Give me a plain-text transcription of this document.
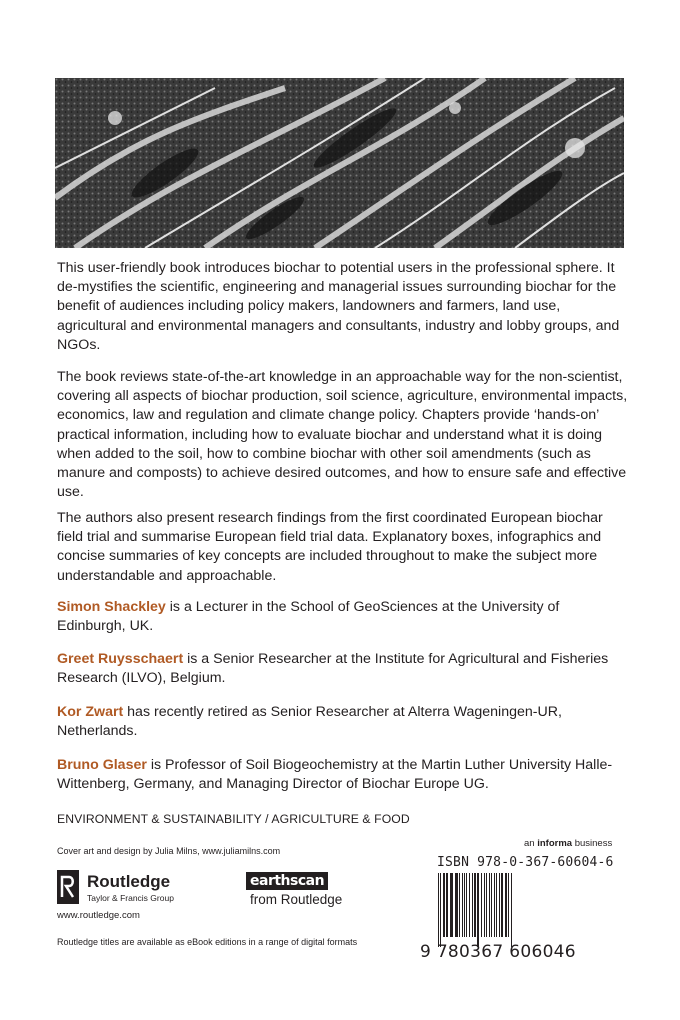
This user-friendly book introduces biochar to potential users in the professional sphere. It de-mystifies the scientific, engineering and managerial issues surrounding biochar for the benefit of audiences including policy makers, landowners and farmers, land use, agricultural and environmental managers and consultants, industry and lobby groups, and NGOs.

The book reviews state-of-the-art knowledge in an approachable way for the non-scientist, covering all aspects of biochar production, soil science, agriculture, environmental impacts, economics, law and regulation and climate change policy. Chapters provide ‘hands-on’ practical information, including how to evaluate biochar and understand what it is doing when added to the soil, how to combine biochar with other soil amendments (such as manure and composts) to achieve desired outcomes, and how to ensure safe and effective use.

The authors also present research findings from the first coordinated European biochar field trial and summarise European field trial data. Explanatory boxes, infographics and concise summaries of key concepts are included throughout to make the subject more understandable and approachable.

Simon Shackley is a Lecturer in the School of GeoSciences at the University of Edinburgh, UK.

Greet Ruysschaert is a Senior Researcher at the Institute for Agricultural and Fisheries Research (ILVO), Belgium.

Kor Zwart has recently retired as Senior Researcher at Alterra Wageningen-UR, Netherlands.

Bruno Glaser is Professor of Soil Biogeochemistry at the Martin Luther University Halle-Wittenberg, Germany, and Managing Director of Biochar Europe UG.

ENVIRONMENT & SUSTAINABILITY / AGRICULTURE & FOOD

Cover art and design by Julia Milns, www.juliamilns.com

an informa business

Routledge
Taylor & Francis Group

www.routledge.com

earthscan
from Routledge

Routledge titles are available as eBook editions in a range of digital formats

ISBN 978-0-367-60604-6

9 780367 606046
